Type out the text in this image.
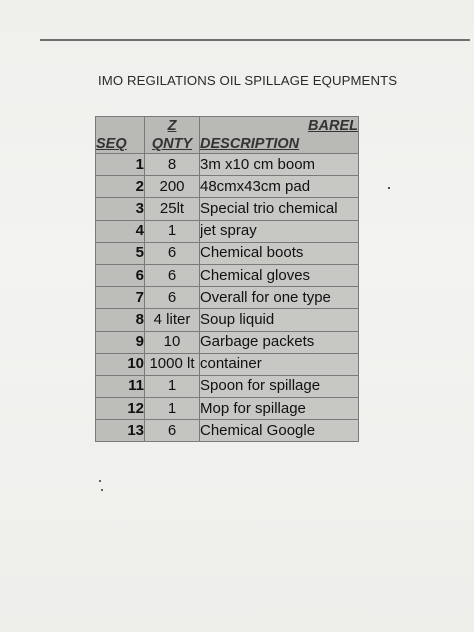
IMO REGILATIONS OIL SPILLAGE EQUPMENTS
	Z	BAREL
SEQ	QNTY	DESCRIPTION
1	8	3m x10 cm boom
2	200	48cmx43cm pad
3	25lt	Special trio chemical
4	1	jet spray
5	6	Chemical boots
6	6	Chemical gloves
7	6	Overall for one type
8	4 liter	Soup liquid
9	10	Garbage packets
10	1000 lt	container
11	1	Spoon for spillage
12	1	Mop for spillage
13	6	Chemical Google
